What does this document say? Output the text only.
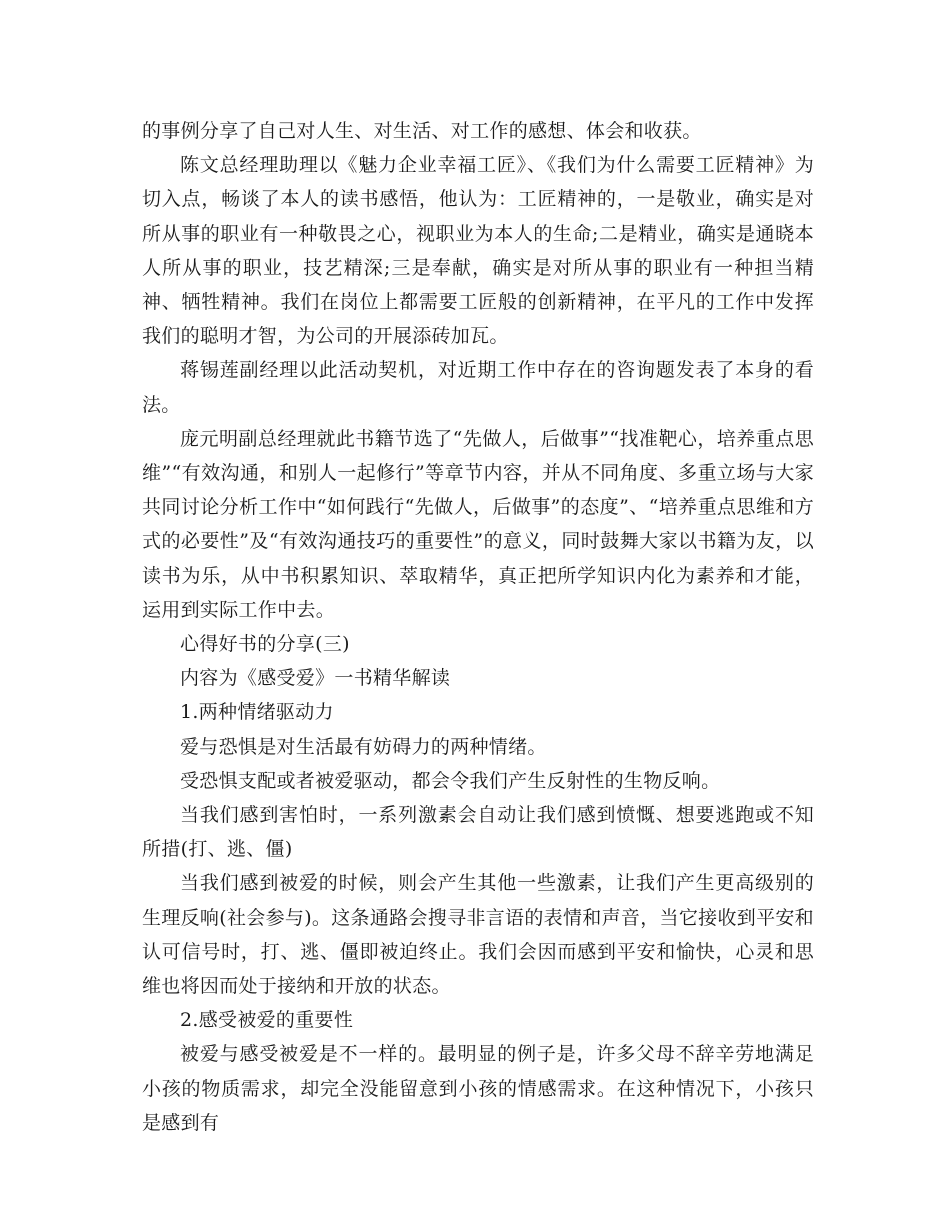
的事例分享了自己对人生、对生活、对工作的感想、体会和收获。

陈文总经理助理以《魅力企业幸福工匠》、《我们为什么需要工匠精神》为切入点，畅谈了本人的读书感悟，他认为：工匠精神的，一是敬业，确实是对所从事的职业有一种敬畏之心，视职业为本人的生命;二是精业，确实是通晓本人所从事的职业，技艺精深;三是奉献，确实是对所从事的职业有一种担当精神、牺牲精神。我们在岗位上都需要工匠般的创新精神，在平凡的工作中发挥我们的聪明才智，为公司的开展添砖加瓦。

蒋锡莲副经理以此活动契机，对近期工作中存在的咨询题发表了本身的看法。

庞元明副总经理就此书籍节选了“先做人，后做事”“找准靶心，培养重点思维”“有效沟通，和别人一起修行”等章节内容，并从不同角度、多重立场与大家共同讨论分析工作中“如何践行“先做人，后做事”的态度”、“培养重点思维和方式的必要性”及“有效沟通技巧的重要性”的意义，同时鼓舞大家以书籍为友，以读书为乐，从中书积累知识、萃取精华，真正把所学知识内化为素养和才能，运用到实际工作中去。

心得好书的分享(三)

内容为《感受爱》一书精华解读

1.两种情绪驱动力

爱与恐惧是对生活最有妨碍力的两种情绪。

受恐惧支配或者被爱驱动，都会令我们产生反射性的生物反响。

当我们感到害怕时，一系列激素会自动让我们感到愤慨、想要逃跑或不知所措(打、逃、僵)

当我们感到被爱的时候，则会产生其他一些激素，让我们产生更高级别的生理反响(社会参与)。这条通路会搜寻非言语的表情和声音，当它接收到平安和认可信号时，打、逃、僵即被迫终止。我们会因而感到平安和愉快，心灵和思维也将因而处于接纳和开放的状态。

2.感受被爱的重要性

被爱与感受被爱是不一样的。最明显的例子是，许多父母不辞辛劳地满足小孩的物质需求，却完全没能留意到小孩的情感需求。在这种情况下，小孩只是感到有
